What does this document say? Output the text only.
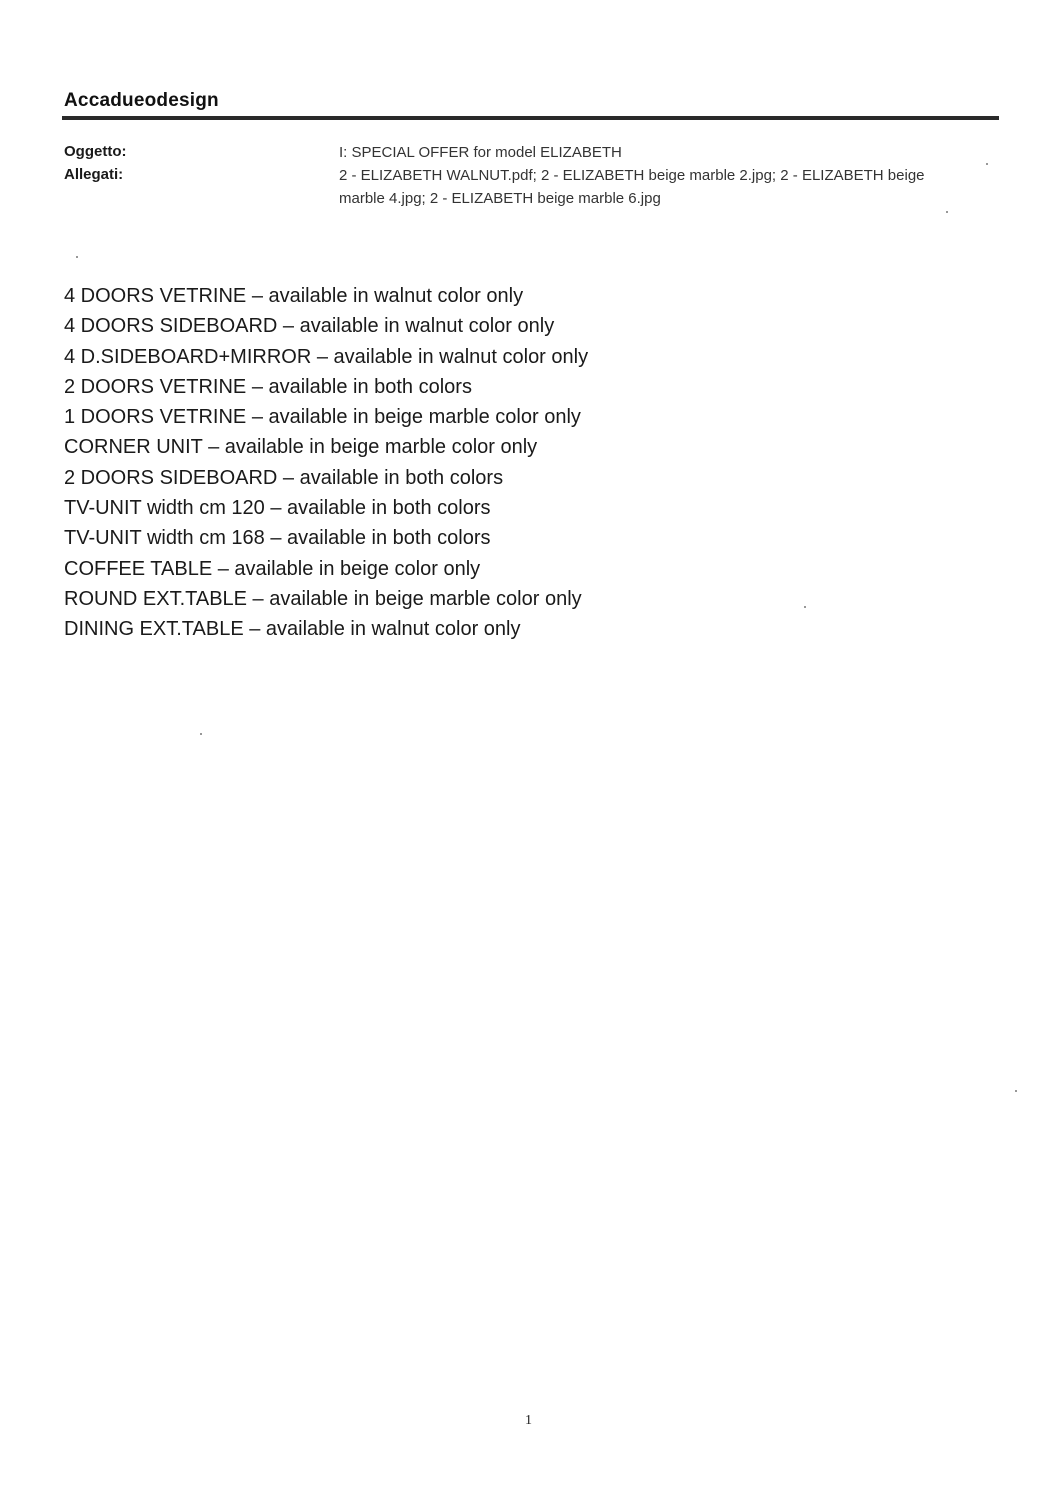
Accadueodesign
Oggetto:	I: SPECIAL OFFER for model ELIZABETH
Allegati:	2 - ELIZABETH WALNUT.pdf; 2 - ELIZABETH beige marble 2.jpg; 2 - ELIZABETH beige marble 4.jpg; 2 - ELIZABETH beige marble 6.jpg
4 DOORS VETRINE – available in walnut color only
4 DOORS SIDEBOARD – available in walnut color only
4 D.SIDEBOARD+MIRROR – available in walnut color only
2 DOORS VETRINE – available in both colors
1 DOORS VETRINE – available in beige marble color only
CORNER UNIT – available in beige marble color only
2 DOORS SIDEBOARD – available in both colors
TV-UNIT width cm 120 – available in both colors
TV-UNIT width cm 168 – available in both colors
COFFEE TABLE – available in beige color only
ROUND EXT.TABLE – available in beige marble color only
DINING EXT.TABLE – available in walnut color only
1
